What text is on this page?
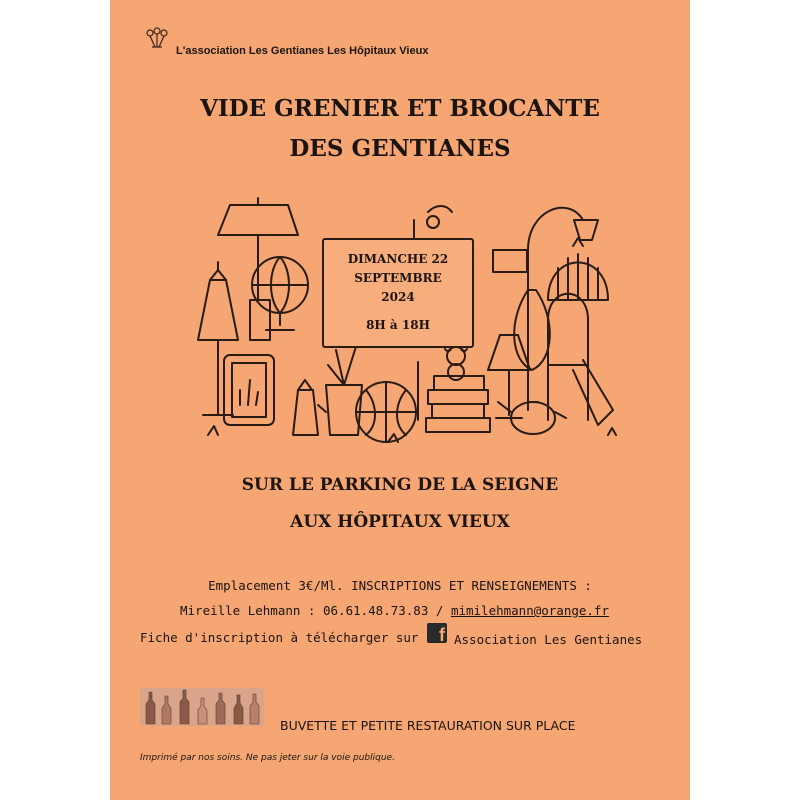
L'association Les Gentianes Les Hôpitaux Vieux
VIDE GRENIER ET BROCANTE
DES GENTIANES
DIMANCHE 22
SEPTEMBRE
2024
8H à 18H
SUR LE PARKING DE LA SEIGNE
AUX HÔPITAUX VIEUX
Emplacement 3€/Ml. INSCRIPTIONS ET RENSEIGNEMENTS :
Mireille Lehmann : 06.61.48.73.83 / mimilehmann@orange.fr
Fiche d'inscription à télécharger sur	f Association Les Gentianes
BUVETTE ET PETITE RESTAURATION SUR PLACE
Imprimé par nos soins. Ne pas jeter sur la voie publique.
